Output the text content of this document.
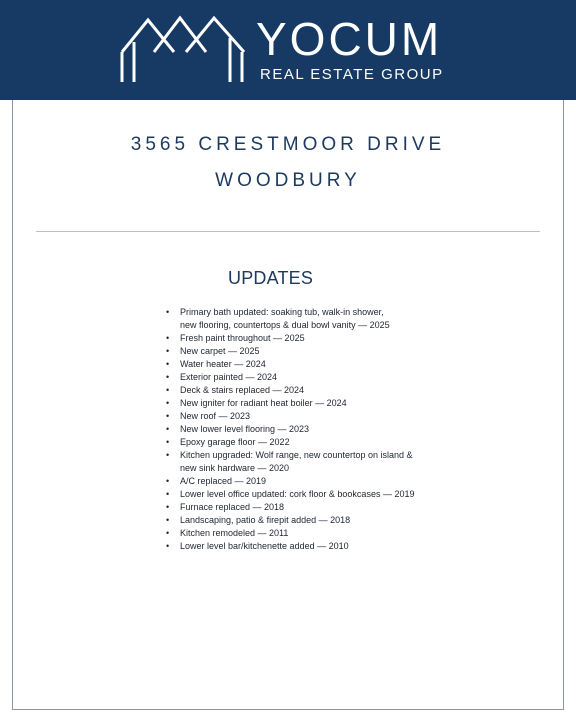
YOCUM
REAL ESTATE GROUP
3565 CRESTMOOR DRIVE
WOODBURY
UPDATES
• Primary bath updated: soaking tub, walk-in shower,
new flooring, countertops & dual bowl vanity — 2025
• Fresh paint throughout — 2025
• New carpet — 2025
• Water heater — 2024
• Exterior painted — 2024
• Deck & stairs replaced — 2024
• New igniter for radiant heat boiler — 2024
• New roof — 2023
• New lower level flooring — 2023
• Epoxy garage floor — 2022
• Kitchen upgraded: Wolf range, new countertop on island &
new sink hardware — 2020
• A/C replaced — 2019
• Lower level office updated: cork floor & bookcases — 2019
• Furnace replaced — 2018
• Landscaping, patio & firepit added — 2018
• Kitchen remodeled — 2011
• Lower level bar/kitchenette added — 2010
